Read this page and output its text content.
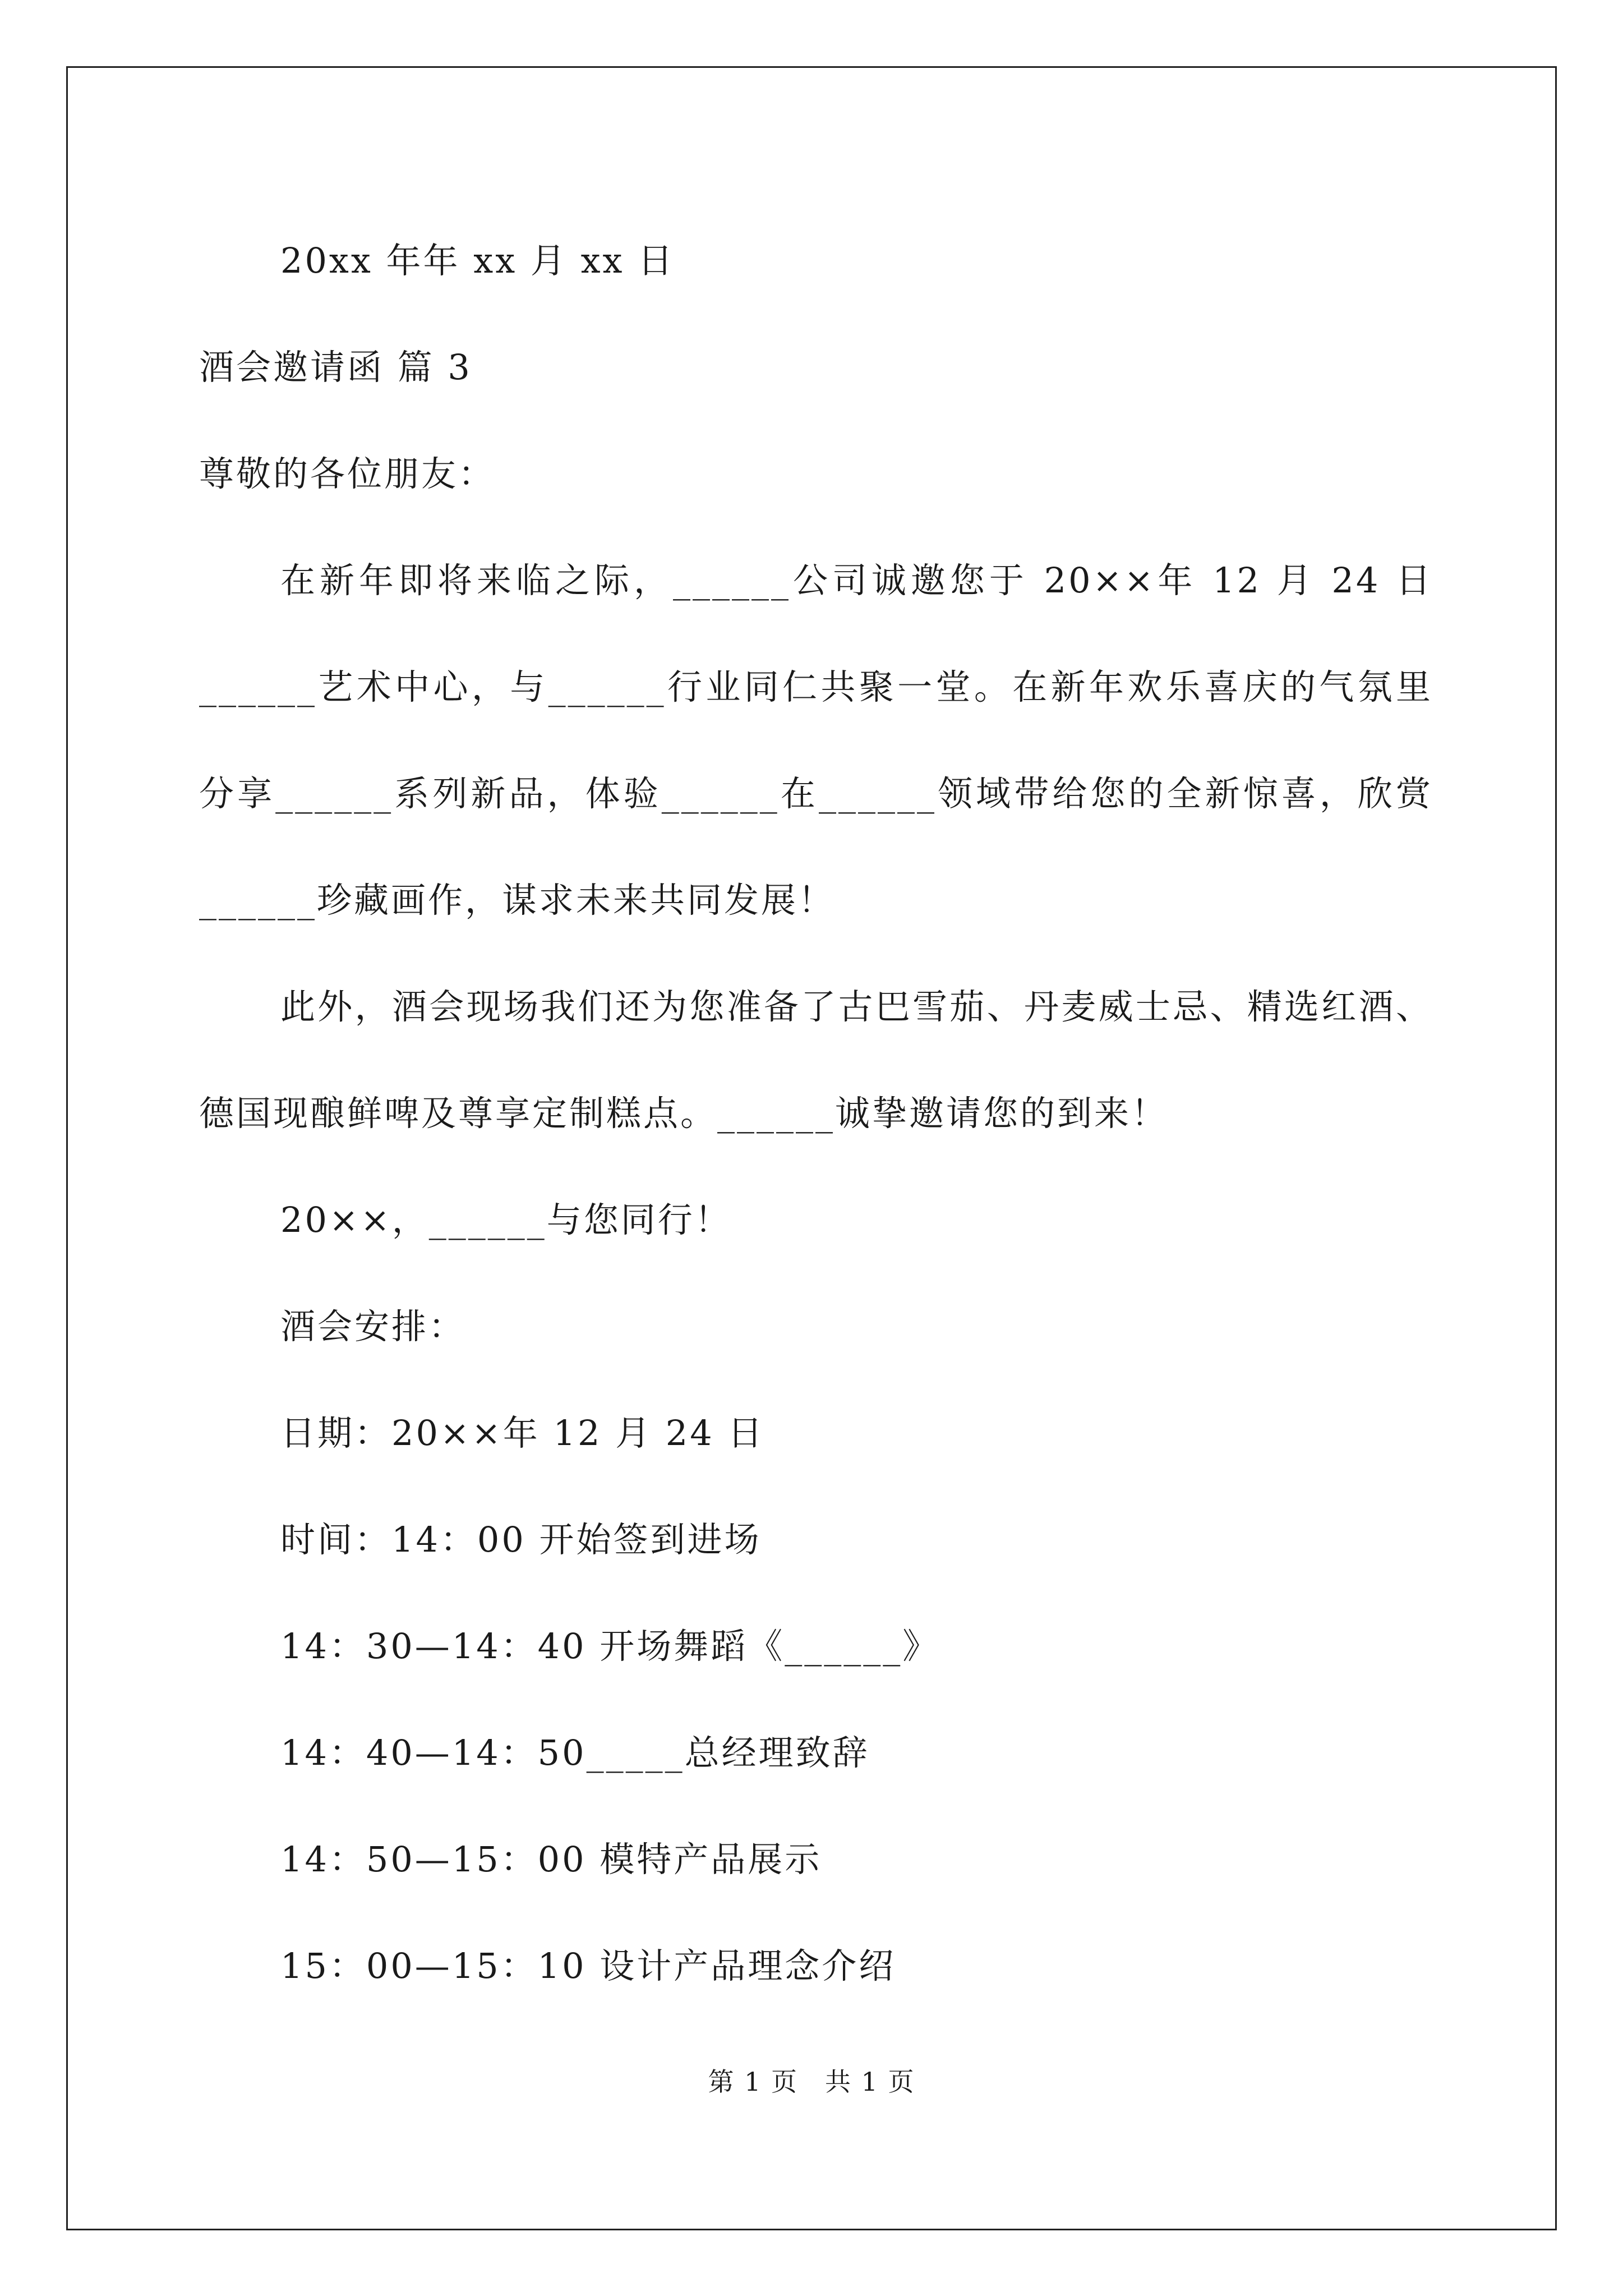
20xx 年年 xx 月 xx 日
酒会邀请函 篇 3
尊敬的各位朋友：
在新年即将来临之际，______公司诚邀您于 20××年 12 月 24 日______艺术中心，与______行业同仁共聚一堂。在新年欢乐喜庆的气氛里分享______系列新品，体验______在______领域带给您的全新惊喜，欣赏______珍藏画作，谋求未来共同发展！
此外，酒会现场我们还为您准备了古巴雪茄、丹麦威士忌、精选红酒、德国现酿鲜啤及尊享定制糕点。______诚挚邀请您的到来！
20××，______与您同行！
酒会安排：
日期：20××年 12 月 24 日
时间：14：00 开始签到进场
14：30—14：40 开场舞蹈《______》
14：40—14：50_____总经理致辞
14：50—15：00 模特产品展示
15：00—15：10 设计产品理念介绍
第 1 页　共 1 页
